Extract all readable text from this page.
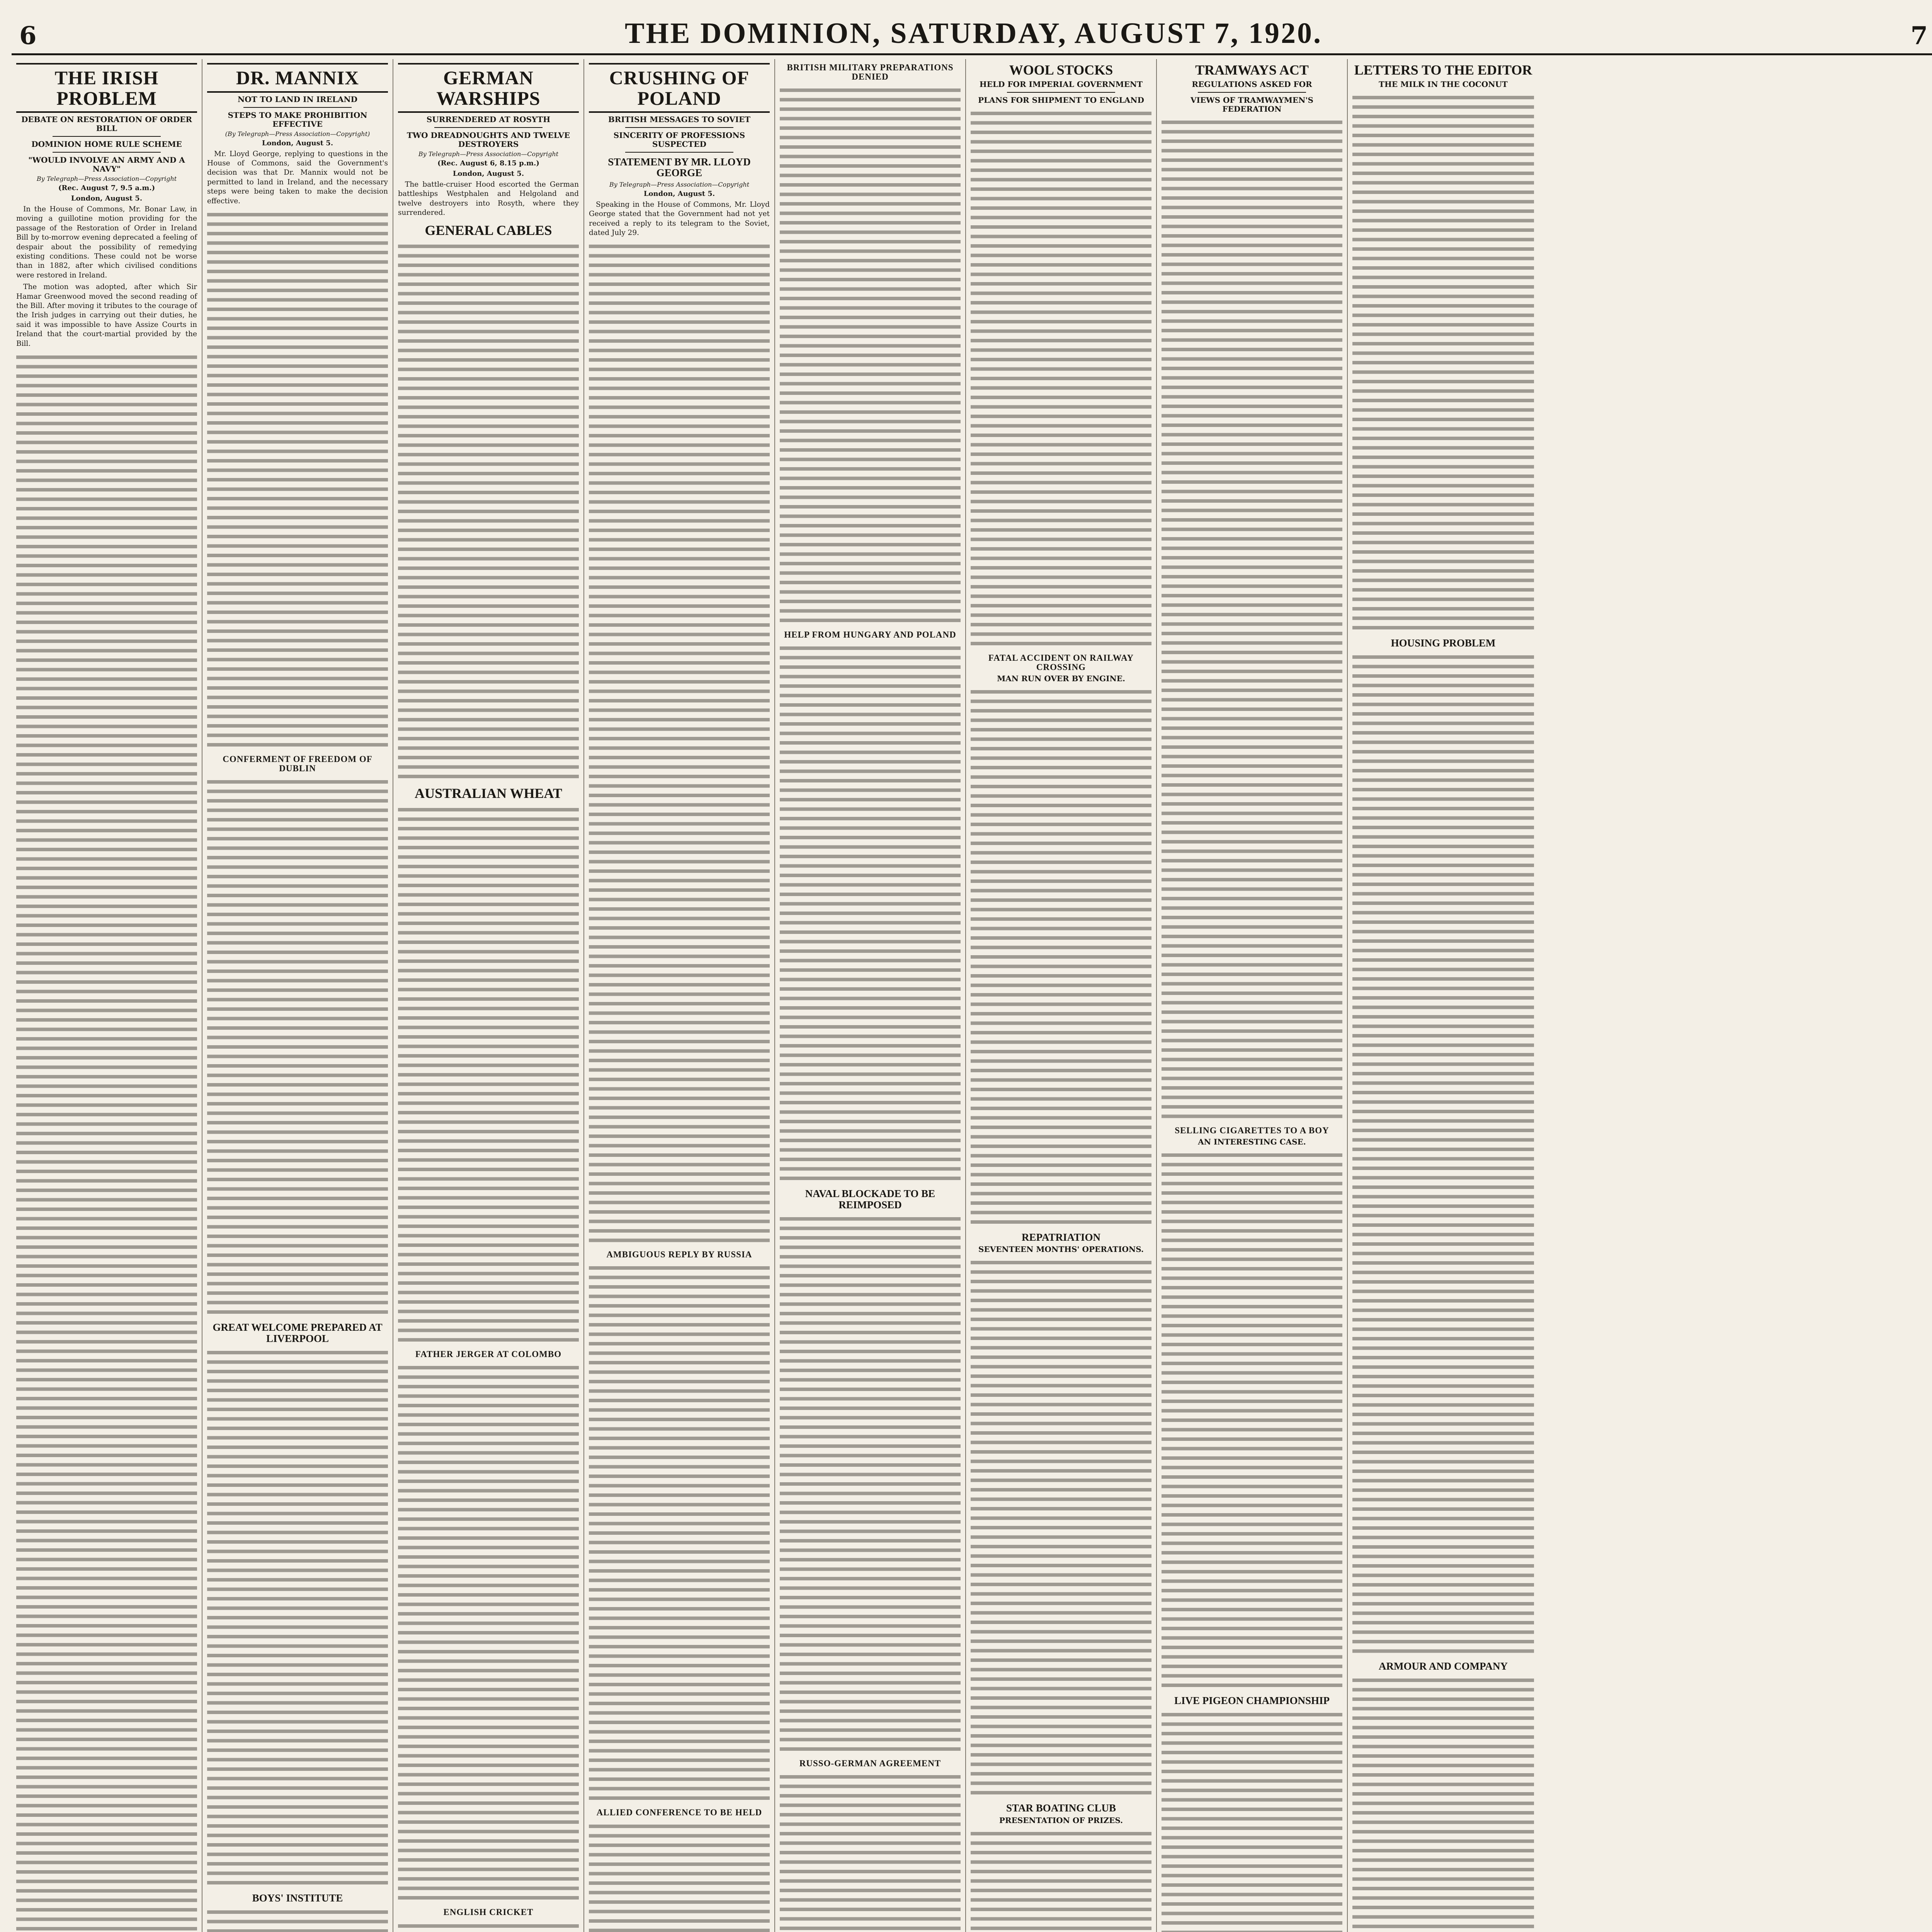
6	THE DOMINION, SATURDAY, AUGUST 7, 1920.	7
THE IRISH PROBLEM
DEBATE ON RESTORATION OF ORDER BILL
DOMINION HOME RULE SCHEME
"WOULD INVOLVE AN ARMY AND A NAVY"
By Telegraph—Press Association—Copyright
(Rec. August 7, 9.5 a.m.)
London, August 5.

In the House of Commons, Mr. Bonar Law, in moving a guillotine motion providing for the passage of the Restoration of Order in Ireland Bill by to-morrow evening deprecated a feeling of despair about the possibility of remedying existing conditions. These could not be worse than in 1882, after which civilised conditions were restored in Ireland.

The motion was adopted, after which Sir Hamar Greenwood moved the second reading of the Bill. After moving it tributes to the courage of the Irish judges in carrying out their duties, he said it was impossible to have Assize Courts in Ireland that the court-martial provided by the Bill.

DR. MANNIX
NOT TO LAND IN IRELAND
STEPS TO MAKE PROHIBITION EFFECTIVE
(By Telegraph—Press Association—Copyright)
London, August 5.

Mr. Lloyd George, replying to questions in the House of Commons, said the Government's decision was that Dr. Mannix would not be permitted to land in Ireland, and the necessary steps were being taken to make the decision effective.

CONFERMENT OF FREEDOM OF DUBLIN
GREAT WELCOME PREPARED AT LIVERPOOL
BOYS' INSTITUTE
GERMAN WARSHIPS
SURRENDERED AT ROSYTH
TWO DREADNOUGHTS AND TWELVE DESTROYERS
By Telegraph—Press Association—Copyright
(Rec. August 6, 8.15 p.m.)
London, August 5.

The battle-cruiser Hood escorted the German battleships Westphalen and Helgoland and twelve destroyers into Rosyth, where they surrendered.

GENERAL CABLES
AUSTRALIAN WHEAT
FATHER JERGER AT COLOMBO
ENGLISH CRICKET
CRUSHING OF POLAND
BRITISH MESSAGES TO SOVIET
SINCERITY OF PROFESSIONS SUSPECTED
STATEMENT BY MR. LLOYD GEORGE
By Telegraph—Press Association—Copyright
London, August 5.

Speaking in the House of Commons, Mr. Lloyd George stated that the Government had not yet received a reply to its telegram to the Soviet, dated July 29.

AMBIGUOUS REPLY BY RUSSIA
ALLIED CONFERENCE TO BE HELD
BRITISH MILITARY PREPARATIONS DENIED
HELP FROM HUNGARY AND POLAND
NAVAL BLOCKADE TO BE REIMPOSED
RUSSO-GERMAN AGREEMENT
WOOL STOCKS
HELD FOR IMPERIAL GOVERNMENT
PLANS FOR SHIPMENT TO ENGLAND
FATAL ACCIDENT ON RAILWAY CROSSING
MAN RUN OVER BY ENGINE.
REPATRIATION
SEVENTEEN MONTHS' OPERATIONS.
STAR BOATING CLUB
PRESENTATION OF PRIZES.
TRAMWAYS ACT
REGULATIONS ASKED FOR
VIEWS OF TRAMWAYMEN'S FEDERATION
SELLING CIGARETTES TO A BOY
AN INTERESTING CASE.
LIVE PIGEON CHAMPIONSHIP
LETTERS TO THE EDITOR
THE MILK IN THE COCONUT
HOUSING PROBLEM
ARMOUR AND COMPANY
